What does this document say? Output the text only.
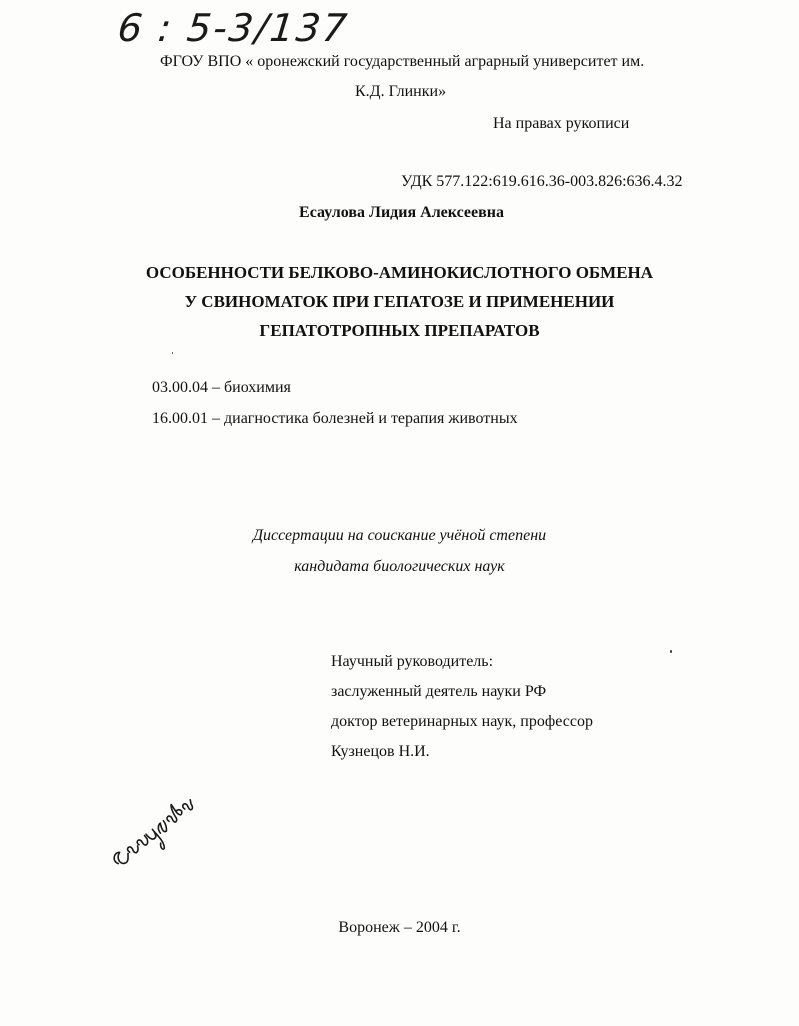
6 : 5-3/137
ФГОУ ВПО « оронежский государственный аграрный университет им.
К.Д. Глинки»
На правах рукописи
УДК 577.122:619.616.36-003.826:636.4.32
Есаулова Лидия Алексеевна
ОСОБЕННОСТИ БЕЛКОВО-АМИНОКИСЛОТНОГО ОБМЕНА
У СВИНОМАТОК ПРИ ГЕПАТОЗЕ И ПРИМЕНЕНИИ
ГЕПАТОТРОПНЫХ ПРЕПАРАТОВ
03.00.04 – биохимия
16.00.01 – диагностика болезней и терапия животных
Диссертации на соискание учёной степени
кандидата биологических наук
Научный руководитель:
заслуженный деятель науки РФ
доктор ветеринарных наук, профессор
Кузнецов Н.И.
Воронеж – 2004 г.
